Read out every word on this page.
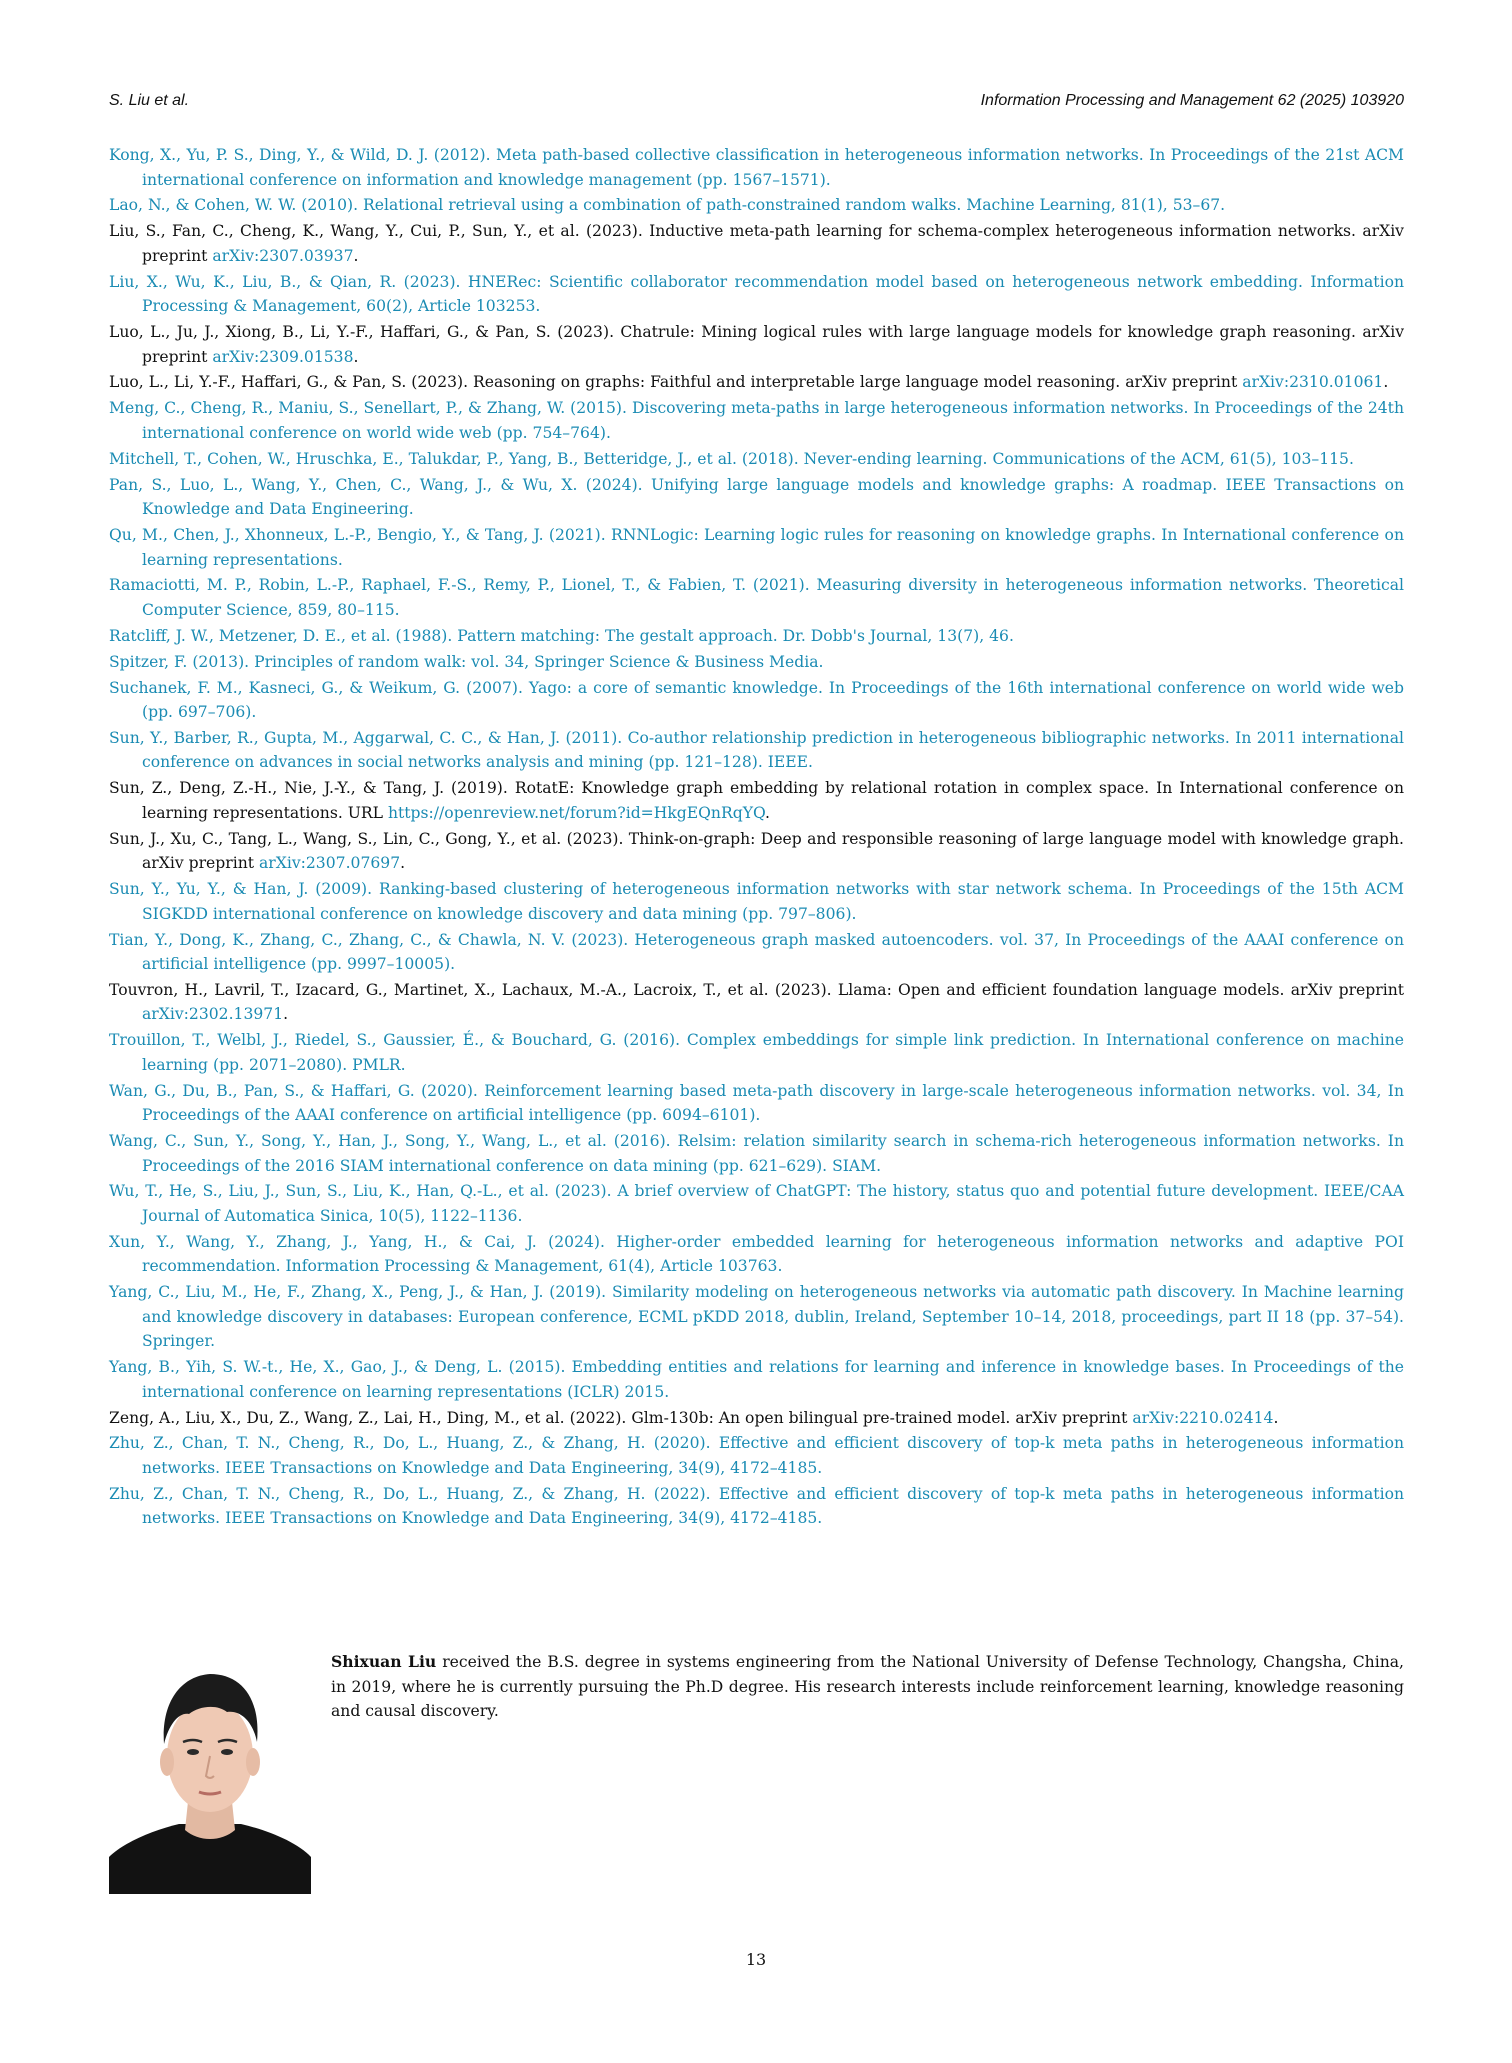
S. Liu et al.	Information Processing and Management 62 (2025) 103920

Kong, X., Yu, P. S., Ding, Y., & Wild, D. J. (2012). Meta path-based collective classification in heterogeneous information networks. In Proceedings of the 21st ACM international conference on information and knowledge management (pp. 1567–1571).

Lao, N., & Cohen, W. W. (2010). Relational retrieval using a combination of path-constrained random walks. Machine Learning, 81(1), 53–67.

Liu, S., Fan, C., Cheng, K., Wang, Y., Cui, P., Sun, Y., et al. (2023). Inductive meta-path learning for schema-complex heterogeneous information networks. arXiv preprint arXiv:2307.03937.

Liu, X., Wu, K., Liu, B., & Qian, R. (2023). HNERec: Scientific collaborator recommendation model based on heterogeneous network embedding. Information Processing & Management, 60(2), Article 103253.

Luo, L., Ju, J., Xiong, B., Li, Y.-F., Haffari, G., & Pan, S. (2023). Chatrule: Mining logical rules with large language models for knowledge graph reasoning. arXiv preprint arXiv:2309.01538.

Luo, L., Li, Y.-F., Haffari, G., & Pan, S. (2023). Reasoning on graphs: Faithful and interpretable large language model reasoning. arXiv preprint arXiv:2310.01061.

Meng, C., Cheng, R., Maniu, S., Senellart, P., & Zhang, W. (2015). Discovering meta-paths in large heterogeneous information networks. In Proceedings of the 24th international conference on world wide web (pp. 754–764).

Mitchell, T., Cohen, W., Hruschka, E., Talukdar, P., Yang, B., Betteridge, J., et al. (2018). Never-ending learning. Communications of the ACM, 61(5), 103–115.

Pan, S., Luo, L., Wang, Y., Chen, C., Wang, J., & Wu, X. (2024). Unifying large language models and knowledge graphs: A roadmap. IEEE Transactions on Knowledge and Data Engineering.

Qu, M., Chen, J., Xhonneux, L.-P., Bengio, Y., & Tang, J. (2021). RNNLogic: Learning logic rules for reasoning on knowledge graphs. In International conference on learning representations.

Ramaciotti, M. P., Robin, L.-P., Raphael, F.-S., Remy, P., Lionel, T., & Fabien, T. (2021). Measuring diversity in heterogeneous information networks. Theoretical Computer Science, 859, 80–115.

Ratcliff, J. W., Metzener, D. E., et al. (1988). Pattern matching: The gestalt approach. Dr. Dobb's Journal, 13(7), 46.

Spitzer, F. (2013). Principles of random walk: vol. 34, Springer Science & Business Media.

Suchanek, F. M., Kasneci, G., & Weikum, G. (2007). Yago: a core of semantic knowledge. In Proceedings of the 16th international conference on world wide web (pp. 697–706).

Sun, Y., Barber, R., Gupta, M., Aggarwal, C. C., & Han, J. (2011). Co-author relationship prediction in heterogeneous bibliographic networks. In 2011 international conference on advances in social networks analysis and mining (pp. 121–128). IEEE.

Sun, Z., Deng, Z.-H., Nie, J.-Y., & Tang, J. (2019). RotatE: Knowledge graph embedding by relational rotation in complex space. In International conference on learning representations. URL https://openreview.net/forum?id=HkgEQnRqYQ.

Sun, J., Xu, C., Tang, L., Wang, S., Lin, C., Gong, Y., et al. (2023). Think-on-graph: Deep and responsible reasoning of large language model with knowledge graph. arXiv preprint arXiv:2307.07697.

Sun, Y., Yu, Y., & Han, J. (2009). Ranking-based clustering of heterogeneous information networks with star network schema. In Proceedings of the 15th ACM SIGKDD international conference on knowledge discovery and data mining (pp. 797–806).

Tian, Y., Dong, K., Zhang, C., Zhang, C., & Chawla, N. V. (2023). Heterogeneous graph masked autoencoders. vol. 37, In Proceedings of the AAAI conference on artificial intelligence (pp. 9997–10005).

Touvron, H., Lavril, T., Izacard, G., Martinet, X., Lachaux, M.-A., Lacroix, T., et al. (2023). Llama: Open and efficient foundation language models. arXiv preprint arXiv:2302.13971.

Trouillon, T., Welbl, J., Riedel, S., Gaussier, É., & Bouchard, G. (2016). Complex embeddings for simple link prediction. In International conference on machine learning (pp. 2071–2080). PMLR.

Wan, G., Du, B., Pan, S., & Haffari, G. (2020). Reinforcement learning based meta-path discovery in large-scale heterogeneous information networks. vol. 34, In Proceedings of the AAAI conference on artificial intelligence (pp. 6094–6101).

Wang, C., Sun, Y., Song, Y., Han, J., Song, Y., Wang, L., et al. (2016). Relsim: relation similarity search in schema-rich heterogeneous information networks. In Proceedings of the 2016 SIAM international conference on data mining (pp. 621–629). SIAM.

Wu, T., He, S., Liu, J., Sun, S., Liu, K., Han, Q.-L., et al. (2023). A brief overview of ChatGPT: The history, status quo and potential future development. IEEE/CAA Journal of Automatica Sinica, 10(5), 1122–1136.

Xun, Y., Wang, Y., Zhang, J., Yang, H., & Cai, J. (2024). Higher-order embedded learning for heterogeneous information networks and adaptive POI recommendation. Information Processing & Management, 61(4), Article 103763.

Yang, C., Liu, M., He, F., Zhang, X., Peng, J., & Han, J. (2019). Similarity modeling on heterogeneous networks via automatic path discovery. In Machine learning and knowledge discovery in databases: European conference, ECML pKDD 2018, dublin, Ireland, September 10–14, 2018, proceedings, part II 18 (pp. 37–54). Springer.

Yang, B., Yih, S. W.-t., He, X., Gao, J., & Deng, L. (2015). Embedding entities and relations for learning and inference in knowledge bases. In Proceedings of the international conference on learning representations (ICLR) 2015.

Zeng, A., Liu, X., Du, Z., Wang, Z., Lai, H., Ding, M., et al. (2022). Glm-130b: An open bilingual pre-trained model. arXiv preprint arXiv:2210.02414.

Zhu, Z., Chan, T. N., Cheng, R., Do, L., Huang, Z., & Zhang, H. (2020). Effective and efficient discovery of top-k meta paths in heterogeneous information networks. IEEE Transactions on Knowledge and Data Engineering, 34(9), 4172–4185.

Zhu, Z., Chan, T. N., Cheng, R., Do, L., Huang, Z., & Zhang, H. (2022). Effective and efficient discovery of top-k meta paths in heterogeneous information networks. IEEE Transactions on Knowledge and Data Engineering, 34(9), 4172–4185.

Shixuan Liu received the B.S. degree in systems engineering from the National University of Defense Technology, Changsha, China, in 2019, where he is currently pursuing the Ph.D degree. His research interests include reinforcement learning, knowledge reasoning and causal discovery.
13
